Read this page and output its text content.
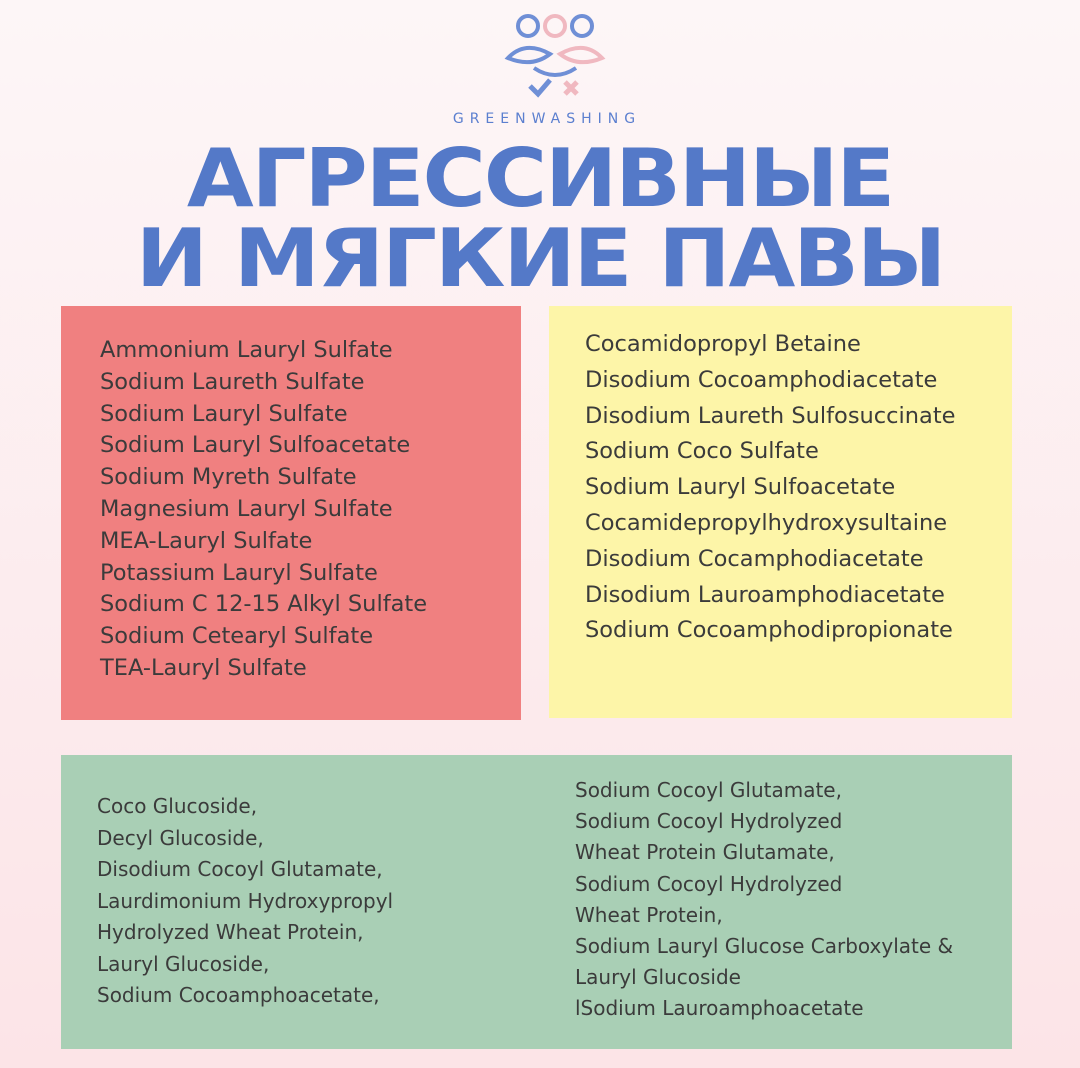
GREENWASHING
АГРЕССИВНЫЕ
И МЯГКИЕ ПАВЫ
Ammonium Lauryl Sulfate
Sodium Laureth Sulfate
Sodium Lauryl Sulfate
Sodium Lauryl Sulfoacetate
Sodium Myreth Sulfate
Magnesium Lauryl Sulfate
MEA-Lauryl Sulfate
Potassium Lauryl Sulfate
Sodium C 12-15 Alkyl Sulfate
Sodium Cetearyl Sulfate
TEA-Lauryl Sulfate
Cocamidopropyl Betaine
Disodium Cocoamphodiacetate
Disodium Laureth Sulfosuccinate
Sodium Coco Sulfate
Sodium Lauryl Sulfoacetate
Cocamidepropylhydroxysultaine
Disodium Cocamphodiacetate
Disodium Lauroamphodiacetate
Sodium Cocoamphodipropionate
Coco Glucoside,
Decyl Glucoside,
Disodium Cocoyl Glutamate,
Laurdimonium Hydroxypropyl
Hydrolyzed Wheat Protein,
Lauryl Glucoside,
Sodium Cocoamphoacetate,
Sodium Cocoyl Glutamate,
Sodium Cocoyl Hydrolyzed
Wheat Protein Glutamate,
Sodium Cocoyl Hydrolyzed
Wheat Protein,
Sodium Lauryl Glucose Carboxylate &
Lauryl Glucoside
lSodium Lauroamphoacetate
